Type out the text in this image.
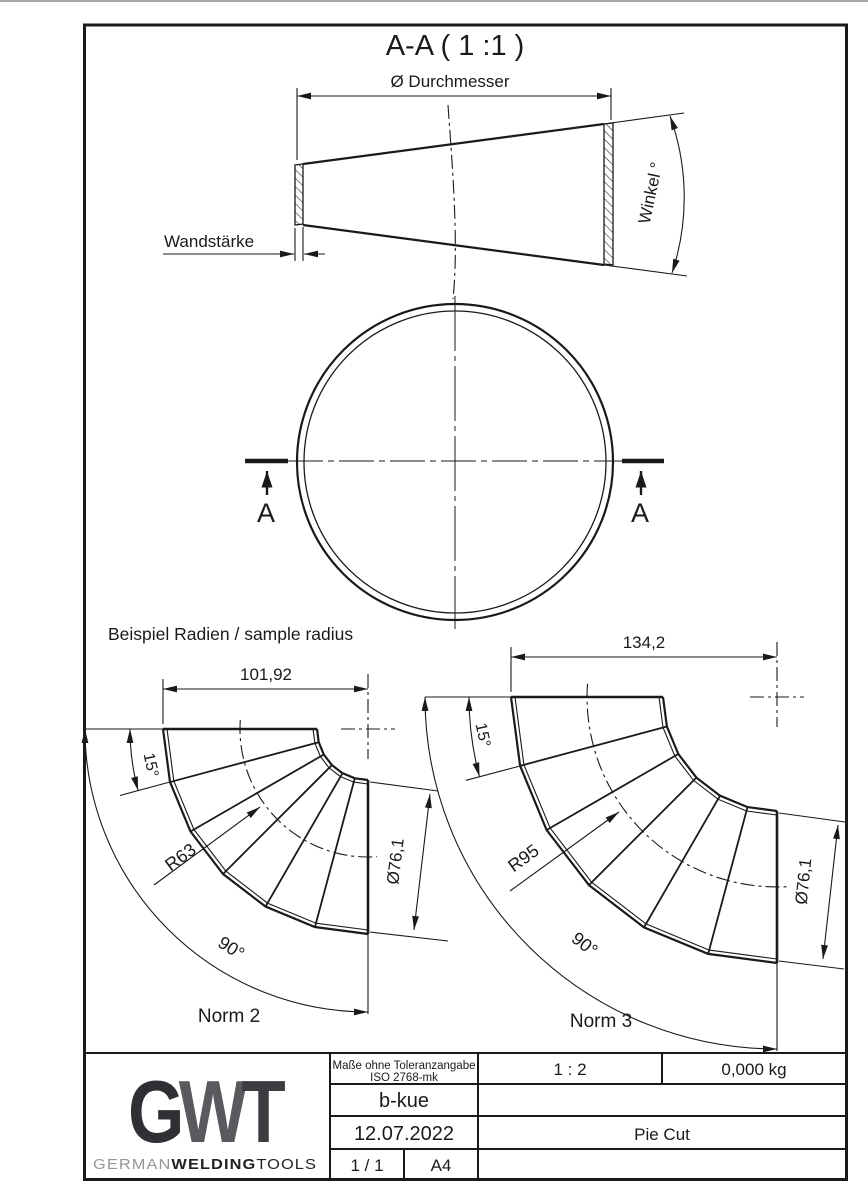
A-A ( 1 :1 )
Ø Durchmesser
Winkel °
Wandstärke
A	A
Beispiel Radien / sample radius
101,92
90°
15°
R63	Ø76,1
Norm 2
134,2
90°
15°
R95	Ø76,1
Norm 3
Maße ohne Toleranzangabe
ISO 2768-mk
b-kue
12.07.2022
1 / 1	A4
1 : 2	0,000 kg
Pie Cut
GWT
GERMAN WELDING TOOLS
